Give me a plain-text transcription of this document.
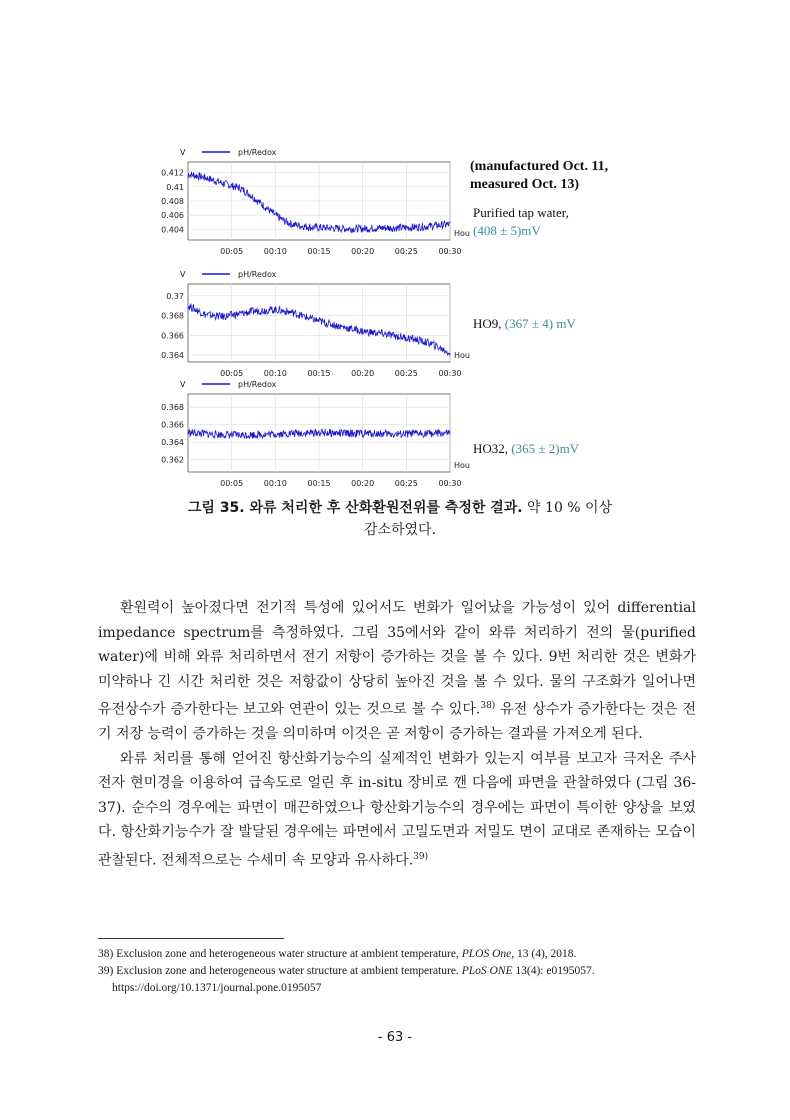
V	pH/Redox
0.412
0.41
0.408
0.406
0.404
00:05	00:10	00:15	00:20	00:25	00:30
Hou
V	pH/Redox
0.37
0.368
0.366
0.364
00:05	00:10	00:15	00:20	00:25	00:30
Hou
V	pH/Redox
0.368
0.366
0.364
0.362
00:05	00:10	00:15	00:20	00:25	00:30
Hou
(manufactured Oct. 11,
measured Oct. 13)
Purified tap water,
(408 ± 5)mV
HO9, (367 ± 4) mV
HO32, (365 ± 2)mV
그림 35. 와류 처리한 후 산화환원전위를 측정한 결과. 약 10 % 이상
감소하였다.

환원력이 높아졌다면 전기적 특성에 있어서도 변화가 일어났을 가능성이 있어 differential impedance spectrum를 측정하였다. 그림 35에서와 같이 와류 처리하기 전의 물(purified water)에 비해 와류 처리하면서 전기 저항이 증가하는 것을 볼 수 있다. 9번 처리한 것은 변화가 미약하나 긴 시간 처리한 것은 저항값이 상당히 높아진 것을 볼 수 있다. 물의 구조화가 일어나면 유전상수가 증가한다는 보고와 연관이 있는 것으로 볼 수 있다.$^{38)}$ 유전 상수가 증가한다는 것은 전기 저장 능력이 증가하는 것을 의미하며 이것은 곧 저항이 증가하는 결과를 가져오게 된다.

와류 처리를 통해 얻어진 항산화기능수의 실제적인 변화가 있는지 여부를 보고자 극저온 주사전자 현미경을 이용하여 급속도로 얼린 후 in-situ 장비로 깬 다음에 파면을 관찰하였다 (그림 36-37). 순수의 경우에는 파면이 매끈하였으나 항산화기능수의 경우에는 파면이 특이한 양상을 보였다. 항산화기능수가 잘 발달된 경우에는 파면에서 고밀도면과 저밀도 면이 교대로 존재하는 모습이 관찰된다. 전체적으로는 수세미 속 모양과 유사하다.$^{39)}$

38) Exclusion zone and heterogeneous water structure at ambient temperature, PLOS One, 13 (4), 2018.
39) Exclusion zone and heterogeneous water structure at ambient temperature. PLoS ONE 13(4): e0195057.
https://doi.org/10.1371/journal.pone.0195057
- 63 -
